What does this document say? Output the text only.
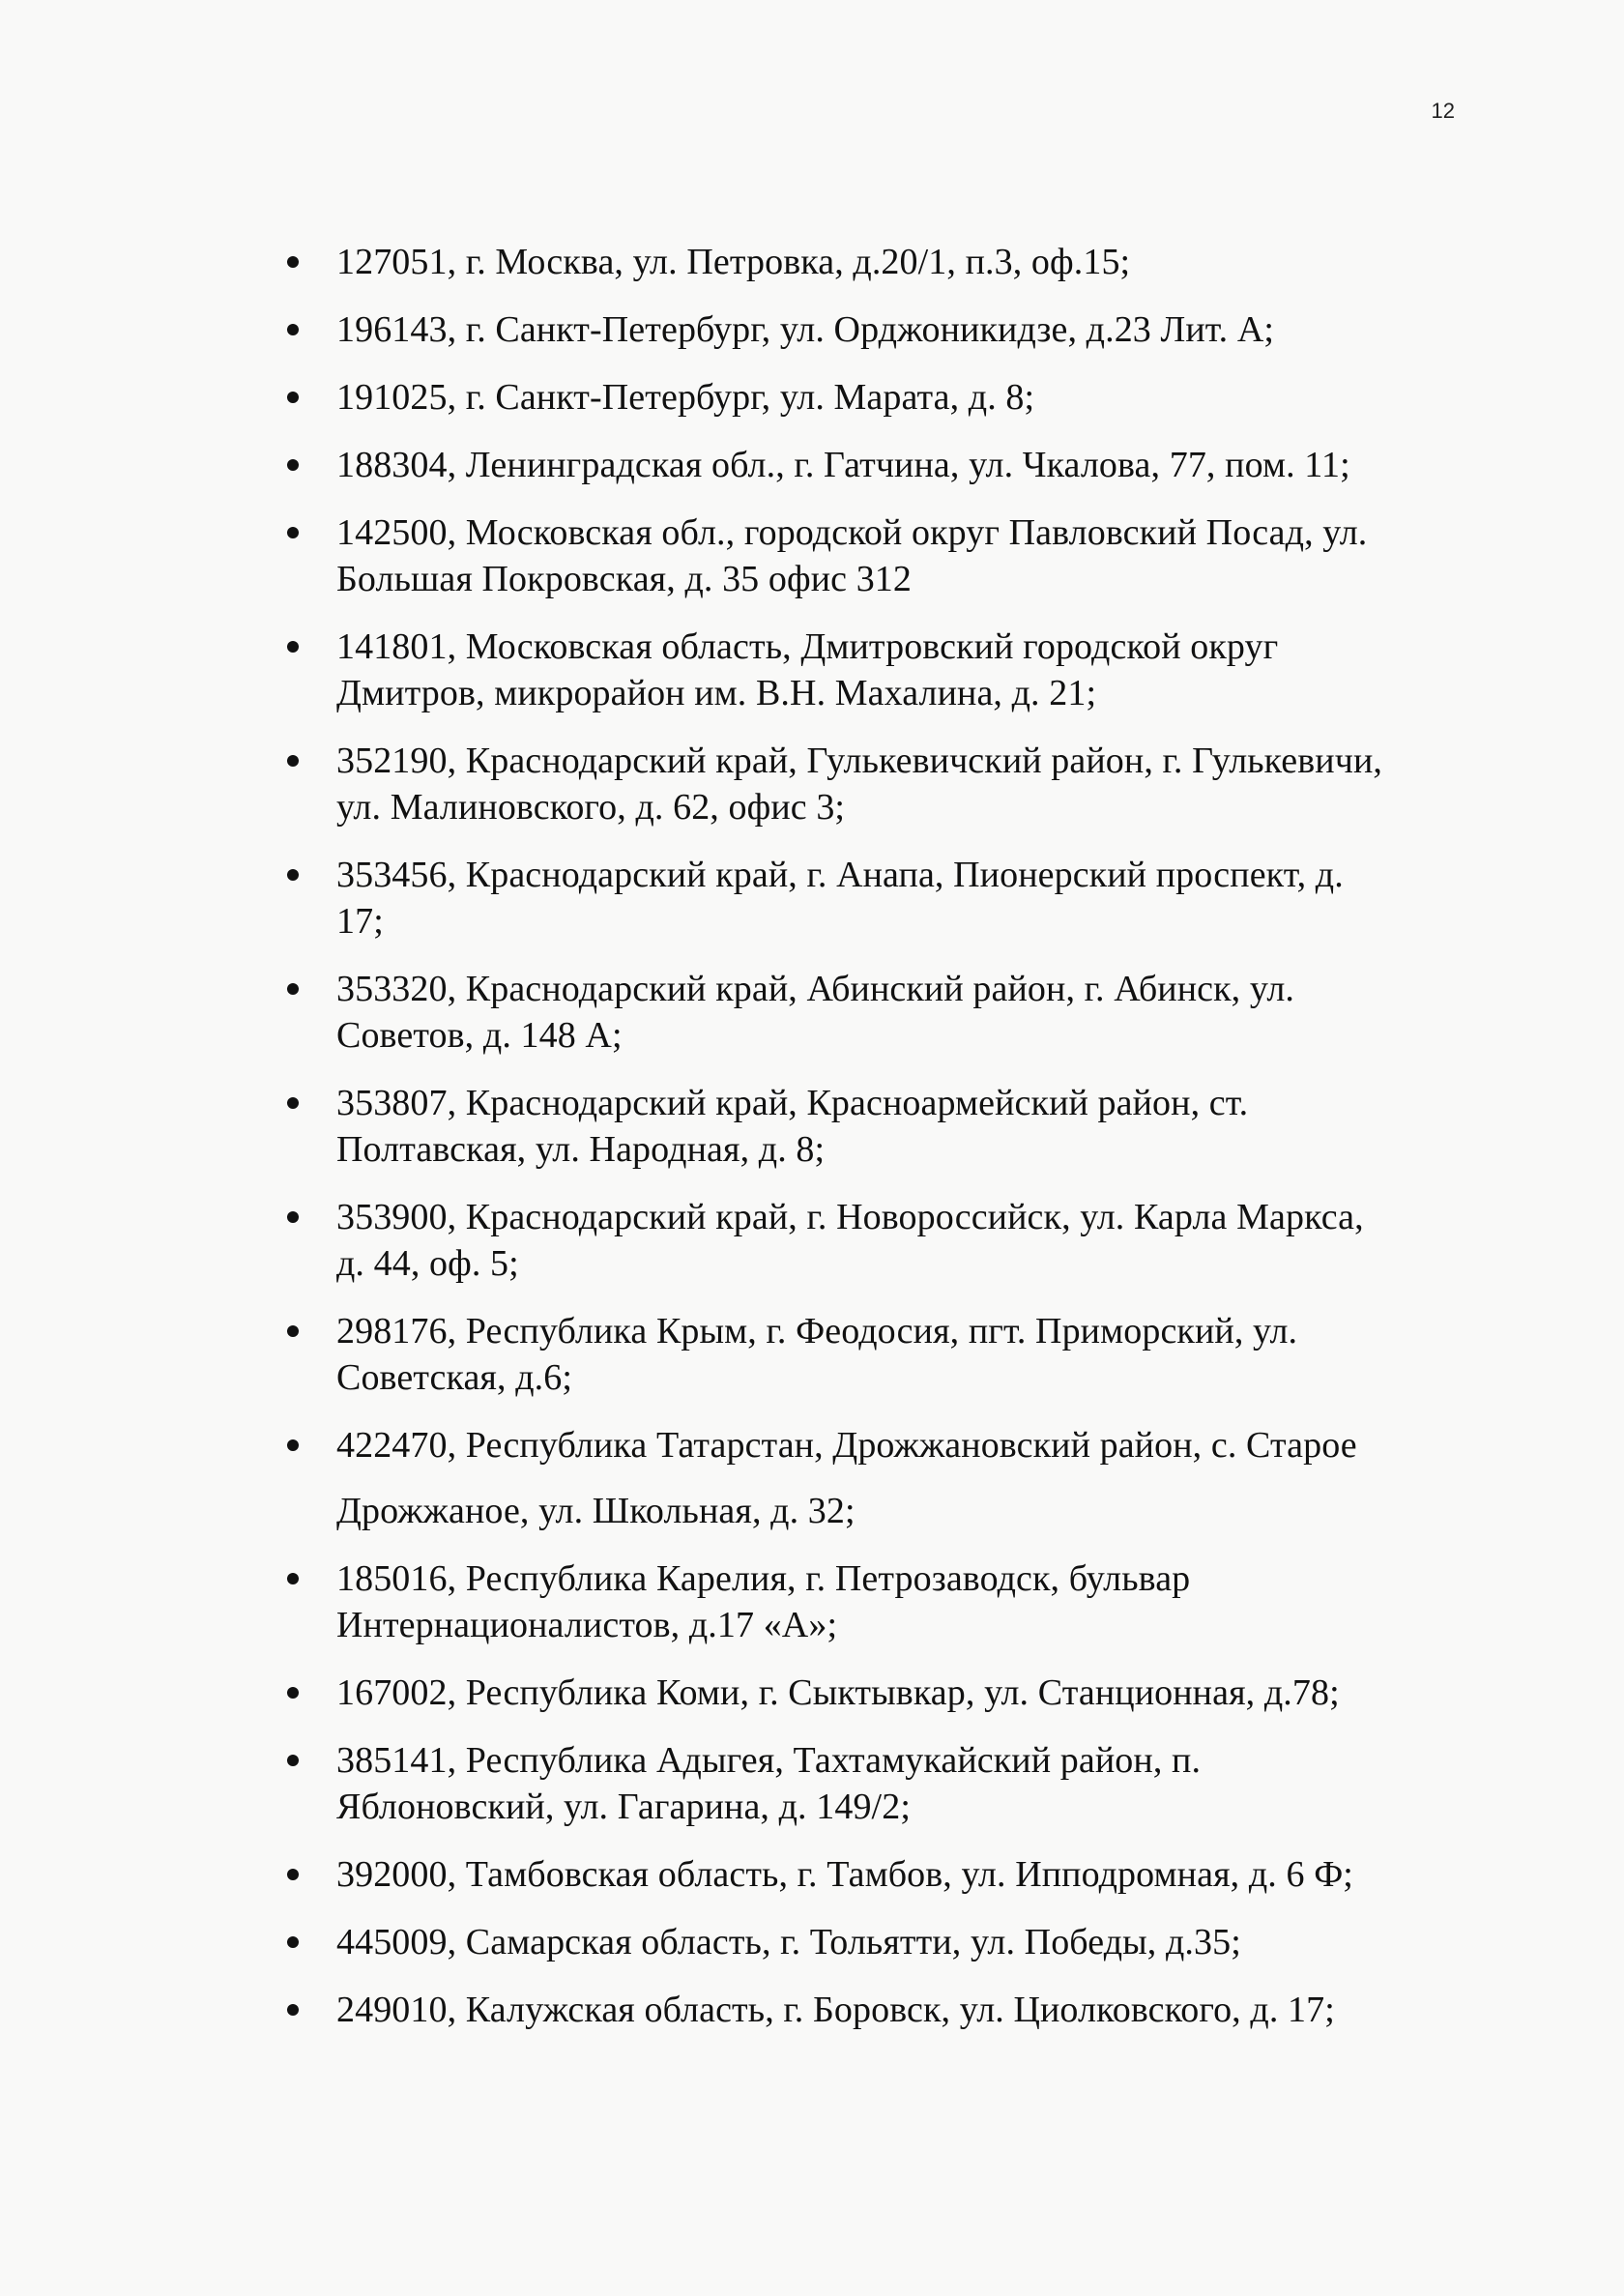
12
127051, г. Москва, ул. Петровка, д.20/1, п.3, оф.15;
196143, г. Санкт-Петербург, ул. Орджоникидзе, д.23 Лит. А;
191025, г. Санкт-Петербург, ул. Марата, д. 8;
188304, Ленинградская обл., г. Гатчина, ул. Чкалова, 77, пом. 11;
142500, Московская обл., городской округ Павловский Посад, ул.
Большая Покровская, д. 35 офис 312
141801, Московская область, Дмитровский городской округ
Дмитров, микрорайон им. В.Н. Махалина, д. 21;
352190, Краснодарский край, Гулькевичский район, г. Гулькевичи,
ул. Малиновского, д. 62, офис 3;
353456, Краснодарский край, г. Анапа, Пионерский проспект, д.
17;
353320, Краснодарский край, Абинский район, г. Абинск, ул.
Советов, д. 148 А;
353807, Краснодарский край, Красноармейский район, ст.
Полтавская, ул. Народная, д. 8;
353900, Краснодарский край, г. Новороссийск, ул. Карла Маркса,
д. 44, оф. 5;
298176, Республика Крым, г. Феодосия, пгт. Приморский, ул.
Советская, д.6;
422470, Республика Татарстан, Дрожжановский район, с. Старое
Дрожжаное, ул. Школьная, д. 32;
185016, Республика Карелия, г. Петрозаводск, бульвар
Интернационалистов, д.17 «А»;
167002, Республика Коми, г. Сыктывкар, ул. Станционная, д.78;
385141, Республика Адыгея, Тахтамукайский район, п.
Яблоновский, ул. Гагарина, д. 149/2;
392000, Тамбовская область, г. Тамбов, ул. Ипподромная, д. 6 Ф;
445009, Самарская область, г. Тольятти, ул. Победы, д.35;
249010, Калужская область, г. Боровск, ул. Циолковского, д. 17;
